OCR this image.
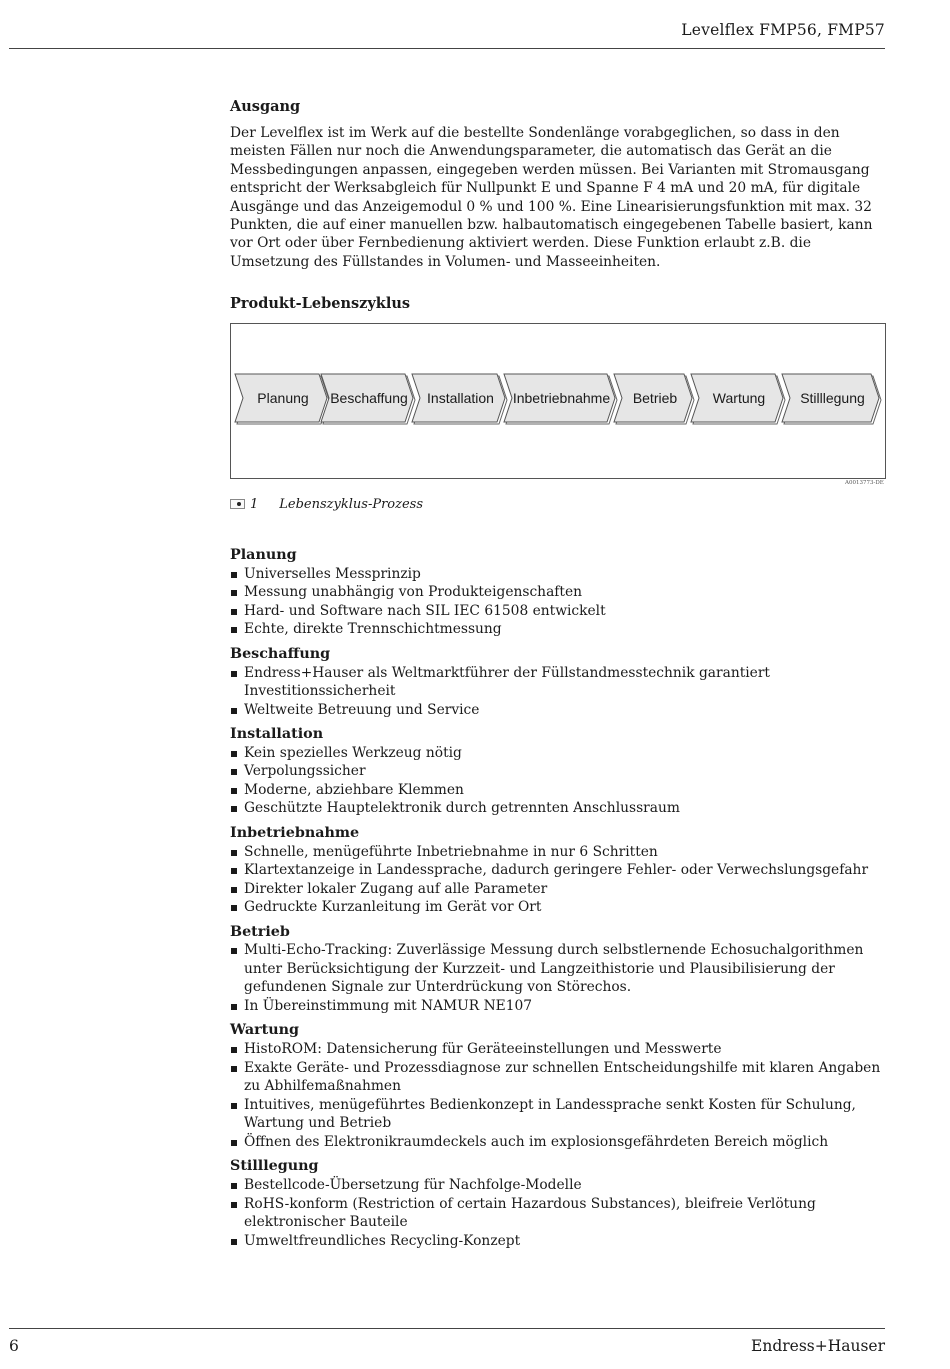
Levelflex FMP56, FMP57
Ausgang

Der Levelflex ist im Werk auf die bestellte Sondenlänge vorabgeglichen, so dass in den meisten Fällen nur noch die Anwendungsparameter, die automatisch das Gerät an die Messbedingungen anpassen, eingegeben werden müssen. Bei Varianten mit Stromausgang entspricht der Werksabgleich für Nullpunkt E und Spanne F 4 mA und 20 mA, für digitale Ausgänge und das Anzeigemodul 0 % und 100 %. Eine Linearisierungsfunktion mit max. 32 Punkten, die auf einer manuellen bzw. halbautomatisch eingegebenen Tabelle basiert, kann vor Ort oder über Fernbedienung aktiviert werden. Diese Funktion erlaubt z.B. die Umsetzung des Füllstandes in Volumen- und Masseeinheiten.

Produkt-Lebenszyklus
Planung Beschaffung Installation Inbetriebnahme Betrieb	Wartung	Stilllegung
A0013773-DE
1 Lebenszyklus-Prozess
Planung
Universelles Messprinzip
Messung unabhängig von Produkteigenschaften
Hard- und Software nach SIL IEC 61508 entwickelt
Echte, direkte Trennschichtmessung
Beschaffung
Endress+Hauser als Weltmarktführer der Füllstandmesstechnik garantiert Investitionssicherheit
Weltweite Betreuung und Service
Installation
Kein spezielles Werkzeug nötig
Verpolungssicher
Moderne, abziehbare Klemmen
Geschützte Hauptelektronik durch getrennten Anschlussraum
Inbetriebnahme
Schnelle, menügeführte Inbetriebnahme in nur 6 Schritten
Klartextanzeige in Landessprache, dadurch geringere Fehler- oder Verwechslungsgefahr
Direkter lokaler Zugang auf alle Parameter
Gedruckte Kurzanleitung im Gerät vor Ort
Betrieb
Multi-Echo-Tracking: Zuverlässige Messung durch selbstlernende Echosuchalgorithmen unter Berücksichtigung der Kurzzeit- und Langzeithistorie und Plausibilisierung der gefundenen Signale zur Unterdrückung von Störechos.
In Übereinstimmung mit NAMUR NE107
Wartung
HistoROM: Datensicherung für Geräteeinstellungen und Messwerte
Exakte Geräte- und Prozessdiagnose zur schnellen Entscheidungshilfe mit klaren Angaben zu Abhilfemaßnahmen
Intuitives, menügeführtes Bedienkonzept in Landessprache senkt Kosten für Schulung, Wartung und Betrieb
Öffnen des Elektronikraumdeckels auch im explosionsgefährdeten Bereich möglich
Stilllegung
Bestellcode-Übersetzung für Nachfolge-Modelle
RoHS-konform (Restriction of certain Hazardous Substances), bleifreie Verlötung elektronischer Bauteile
Umweltfreundliches Recycling-Konzept
6	Endress+Hauser
